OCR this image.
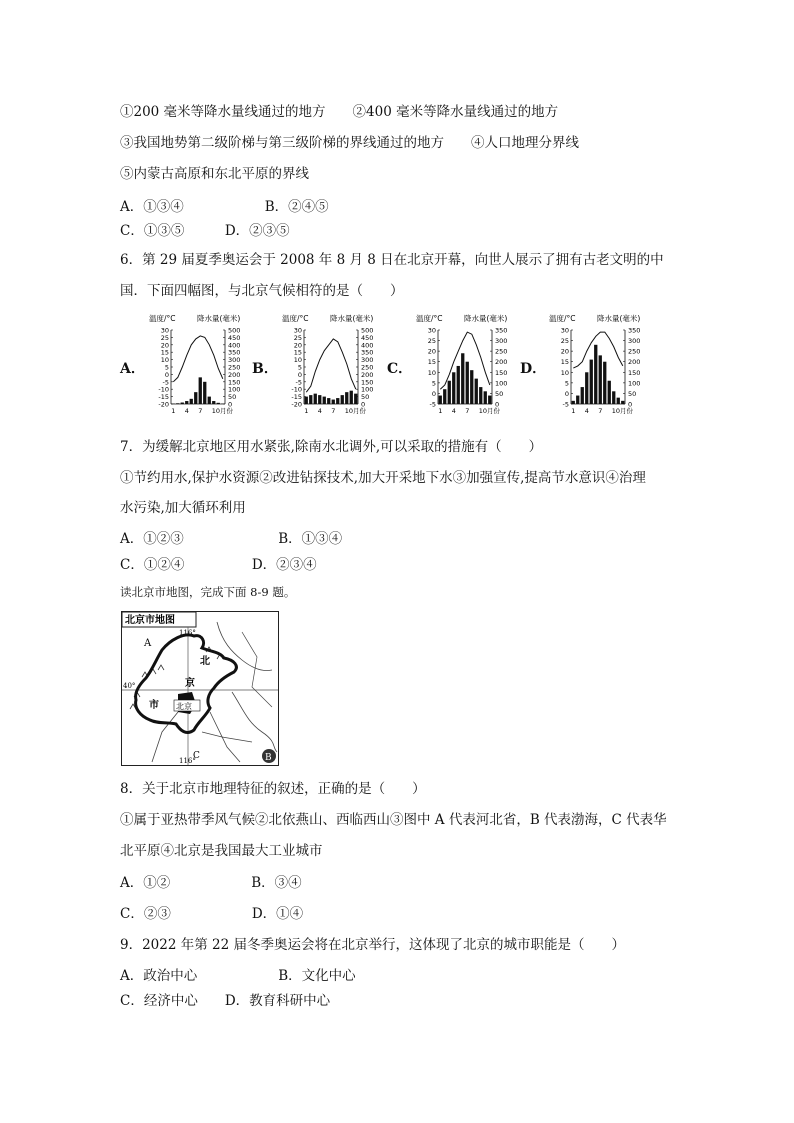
①200 毫米等降水量线通过的地方　　②400 毫米等降水量线通过的地方
③我国地势第二级阶梯与第三级阶梯的界线通过的地方　　④人口地理分界线
⑤内蒙古高原和东北平原的界线
A．①③④　　　　　　B．②④⑤
C．①③⑤　　　D．②③⑤
6．第 29 届夏季奥运会于 2008 年 8 月 8 日在北京开幕，向世人展示了拥有古老文明的中
国．下面四幅图，与北京气候相符的是（　　）
A．	B．	C．	D．
温度/°C	降水量(毫米)
30
25
20
15
10
5
0
-5
-10
-15
-20
500
450
400
350
300
250
200
150
100
50
0
1 4 7 10月份
温度/°C	降水量(毫米)
30
25
20
15
10
5
0
-5
-10
-15
-20
500
450
400
350
300
250
200
150
100
50
0
1 4 7 10月份
温度/°C	降水量(毫米)
30
25
20
15
10
5
0
-5
350
300
250
200
150
100
50
0
1 4 7 10月份
温度/°C	降水量(毫米)
30
25
20
15
10
5
0
-5
350
300
250
200
150
100
50
0
1 4 7 10月份
7．为缓解北京地区用水紧张,除南水北调外,可以采取的措施有（　　）
①节约用水,保护水资源②改进钻探技术,加大开采地下水③加强宣传,提高节水意识④治理
水污染,加大循环利用
A．①②③　　　　　　　B．①③④
C．①②④　　　　　D．②③④
读北京市地图，完成下面 8-9 题。
北京市地图
116°
116°
40°
A
C
北
京
市 北京
B
8．关于北京市地理特征的叙述，正确的是（　　）
①属于亚热带季风气候②北依燕山、西临西山③图中 A 代表河北省，B 代表渤海，C 代表华
北平原④北京是我国最大工业城市
A．①②　　　　　　B．③④
C．②③　　　　　　D．①④
9．2022 年第 22 届冬季奥运会将在北京举行，这体现了北京的城市职能是（　　）
A．政治中心　　　　　　B．文化中心
C．经济中心　　D．教育科研中心
